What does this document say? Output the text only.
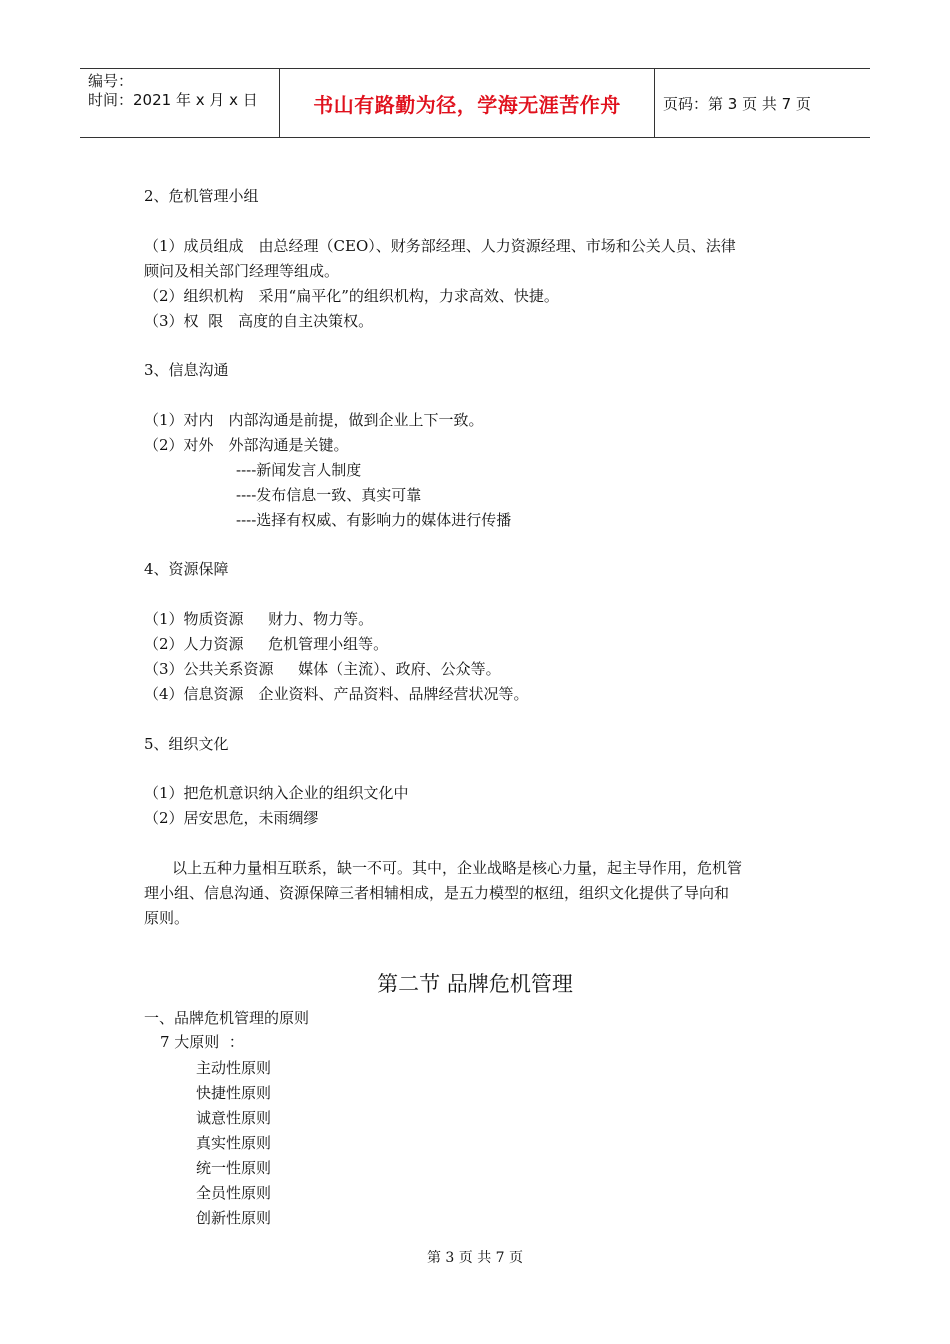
编号：
时间：2021 年 x 月 x 日	书山有路勤为径，学海无涯苦作舟	页码：第 3 页 共 7 页
2、危机管理小组
（1）成员组成　由总经理（CEO）、财务部经理、人力资源经理、市场和公关人员、法律
顾问及相关部门经理等组成。
（2）组织机构　采用“扁平化”的组织机构，力求高效、快捷。
（3）权  限　高度的自主决策权。
3、信息沟通
（1）对内　内部沟通是前提，做到企业上下一致。
（2）对外　外部沟通是关键。
----新闻发言人制度
----发布信息一致、真实可靠
----选择有权威、有影响力的媒体进行传播
4、资源保障
（1）物质资源　  财力、物力等。
（2）人力资源　  危机管理小组等。
（3）公共关系资源　  媒体（主流）、政府、公众等。
（4）信息资源　企业资料、产品资料、品牌经营状况等。
5、组织文化
（1）把危机意识纳入企业的组织文化中
（2）居安思危，未雨绸缪
以上五种力量相互联系，缺一不可。其中，企业战略是核心力量，起主导作用，危机管
理小组、信息沟通、资源保障三者相辅相成，是五力模型的枢纽，组织文化提供了导向和
原则。
第二节 品牌危机管理
一、品牌危机管理的原则
7 大原则  ：
主动性原则
快捷性原则
诚意性原则
真实性原则
统一性原则
全员性原则
创新性原则
第 3 页 共 7 页
